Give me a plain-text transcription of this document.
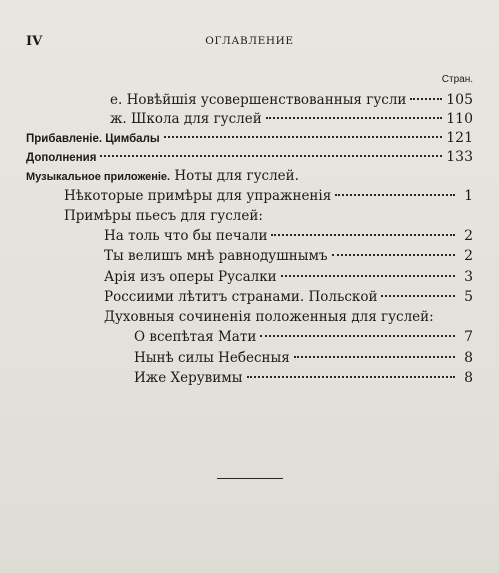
IV	ОГЛАВЛЕНИЕ
Стран.
е. Новѣйшія усовершенствованныя гусли	105
ж. Школа для гуслей	110
Прибавленіе. Цимбалы	121
Дополнения	133
Музыкальное приложеніе. Ноты для гуслей.
Нѣкоторые примѣры для упражненія	1
Примѣры пьесъ для гуслей:
На толь что бы печали	2
Ты велишъ мнѣ равнодушнымъ	2
Арія изъ оперы Русалки	3
Россиими лѣтитъ странами. Польской	5
Духовныя сочиненія положенныя для гуслей:
О всепѣтая Мати	7
Нынѣ силы Небесныя	8
Иже Херувимы	8
